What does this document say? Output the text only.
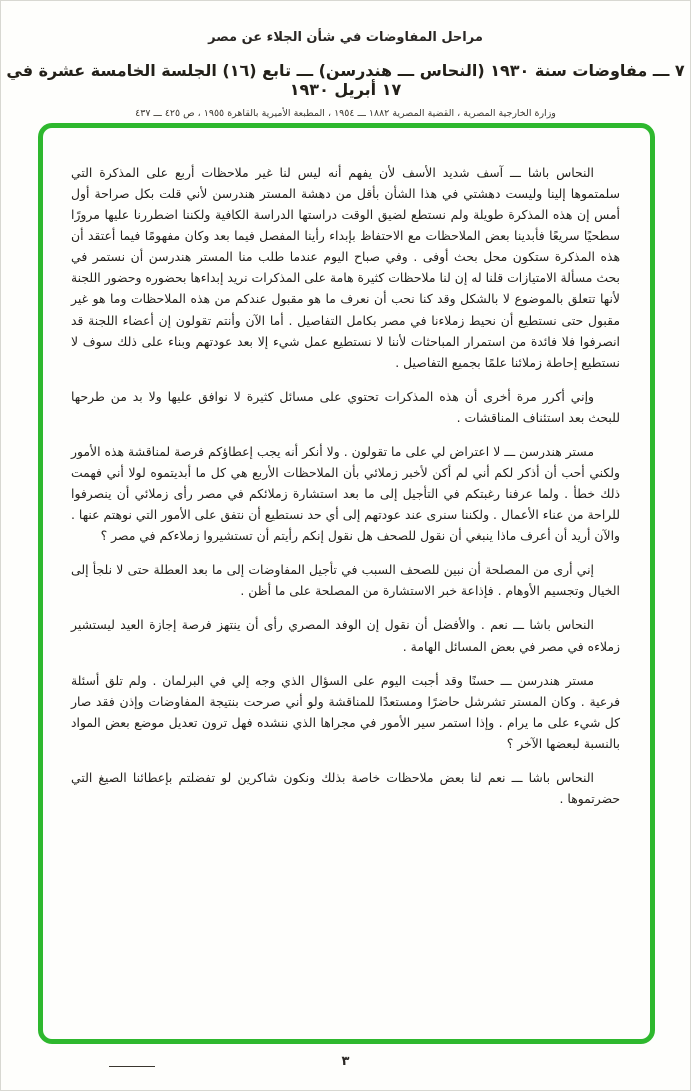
مراحل المفاوضات في شأن الجلاء عن مصر
٧ ـــ مفاوضات سنة ١٩٣٠ (النحاس ـــ هندرسن) ـــ تابع (١٦) الجلسة الخامسة عشرة في ١٧ أبريل ١٩٣٠
وزارة الخارجية المصرية ، القضية المصرية ١٨٨٢ ـــ ١٩٥٤ ، المطبعة الأميرية بالقاهرة ١٩٥٥ ، ص ٤٢٥ ـــ ٤٣٧

النحاس باشا ـــ آسف شديد الأسف لأن يفهم أنه ليس لنا غير ملاحظات أربع على المذكرة التي سلمتموها إلينا وليست دهشتي في هذا الشأن بأقل من دهشة المستر هندرسن لأني قلت بكل صراحة أول أمس إن هذه المذكرة طويلة ولم نستطع لضيق الوقت دراستها الدراسة الكافية ولكننا اضطررنا عليها مرورًا سطحيًا سريعًا فأبدينا بعض الملاحظات مع الاحتفاظ بإبداء رأينا المفصل فيما بعد وكان مفهومًا فيما أعتقد أن هذه المذكرة ستكون محل بحث أوفى . وفي صباح اليوم عندما طلب منا المستر هندرسن أن نستمر في بحث مسألة الامتيازات قلنا له إن لنا ملاحظات كثيرة هامة على المذكرات نريد إبداءها بحضوره وحضور اللجنة لأنها تتعلق بالموضوع لا بالشكل وقد كنا نحب أن نعرف ما هو مقبول عندكم من هذه الملاحظات وما هو غير مقبول حتى نستطيع أن نحيط زملاءنا في مصر بكامل التفاصيل . أما الآن وأنتم تقولون إن أعضاء اللجنة قد انصرفوا فلا فائدة من استمرار المباحثات لأننا لا نستطيع عمل شيء إلا بعد عودتهم وبناء على ذلك سوف لا نستطيع إحاطة زملائنا علمًا بجميع التفاصيل .

وإني أكرر مرة أخرى أن هذه المذكرات تحتوي على مسائل كثيرة لا نوافق عليها ولا بد من طرحها للبحث بعد استئناف المناقشات .

مستر هندرسن ـــ لا اعتراض لي على ما تقولون . ولا أنكر أنه يجب إعطاؤكم فرصة لمناقشة هذه الأمور ولكني أحب أن أذكر لكم أني لم أكن لأخبر زملائي بأن الملاحظات الأربع هي كل ما أبديتموه لولا أني فهمت ذلك خطأ . ولما عرفنا رغبتكم في التأجيل إلى ما بعد استشارة زملائكم في مصر رأى زملائي أن ينصرفوا للراحة من عناء الأعمال . ولكننا سنرى عند عودتهم إلى أي حد نستطيع أن نتفق على الأمور التي نوهتم عنها . والآن أريد أن أعرف ماذا ينبغي أن نقول للصحف هل نقول إنكم رأيتم أن تستشيروا زملاءكم في مصر ؟

إني أرى من المصلحة أن نبين للصحف السبب في تأجيل المفاوضات إلى ما بعد العطلة حتى لا نلجأ إلى الخيال وتجسيم الأوهام . فإذاعة خبر الاستشارة من المصلحة على ما أظن .

النحاس باشا ـــ نعم . والأفضل أن نقول إن الوفد المصري رأى أن ينتهز فرصة إجازة العيد ليستشير زملاءه في مصر في بعض المسائل الهامة .

مستر هندرسن ـــ حسنًا وقد أجبت اليوم على السؤال الذي وجه إلي في البرلمان . ولم تلق أسئلة فرعية . وكان المستر تشرشل حاضرًا ومستعدًا للمناقشة ولو أني صرحت بنتيجة المفاوضات وإذن فقد صار كل شيء على ما يرام . وإذا استمر سير الأمور في مجراها الذي ننشده فهل ترون تعديل موضع بعض المواد بالنسبة لبعضها الآخر ؟

النحاس باشا ـــ نعم لنا بعض ملاحظات خاصة بذلك ونكون شاكرين لو تفضلتم بإعطائنا الصيغ التي حضرتموها .

٣
